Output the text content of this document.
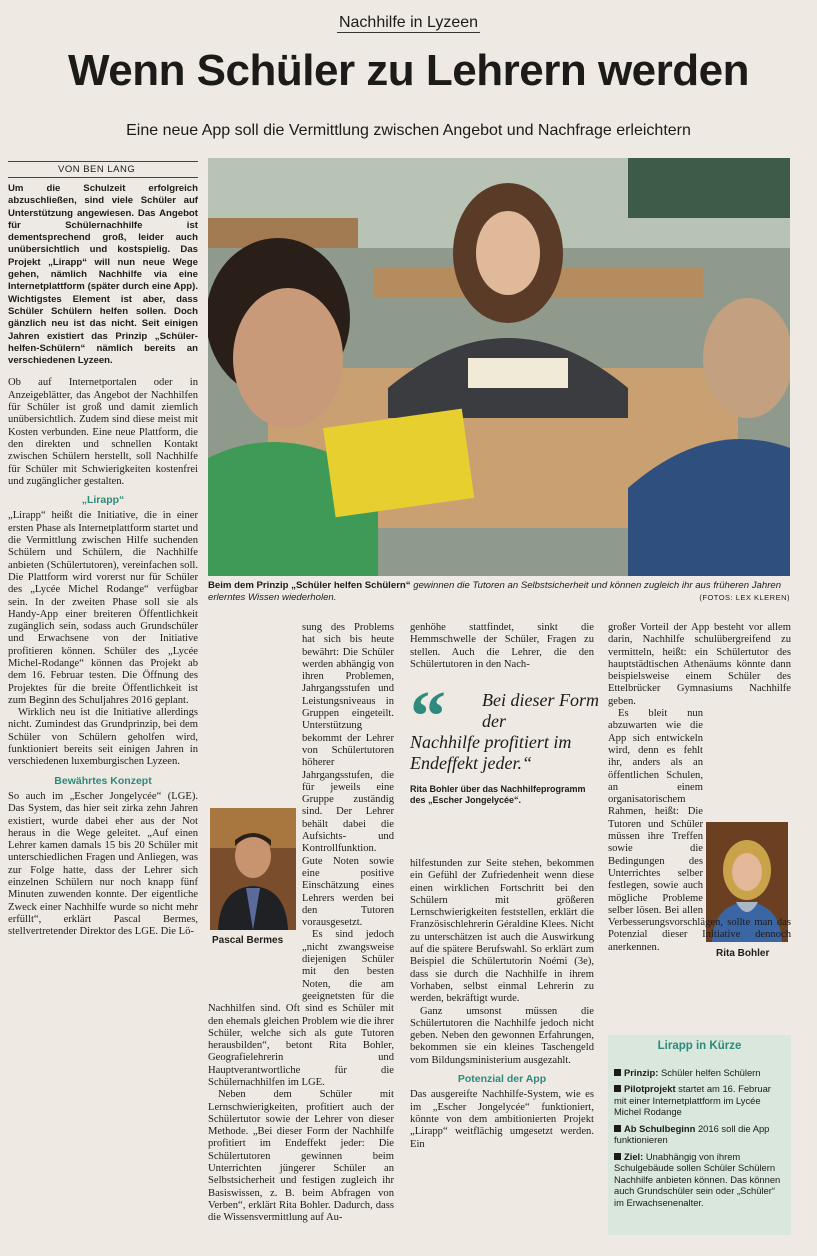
Nachhilfe in Lyzeen
Wenn Schüler zu Lehrern werden
Eine neue App soll die Vermittlung zwischen Angebot und Nachfrage erleichtern
VON BEN LANG

Um die Schulzeit erfolgreich abzuschließen, sind viele Schüler auf Unterstützung angewiesen. Das Angebot für Schülernachhilfe ist dementsprechend groß, leider auch unübersichtlich und kostspielig. Das Projekt „Lirapp“ will nun neue Wege gehen, nämlich Nachhilfe via eine Internetplattform (später durch eine App). Wichtigstes Element ist aber, dass Schüler Schülern helfen sollen. Doch gänzlich neu ist das nicht. Seit einigen Jahren existiert das Prinzip „Schüler-helfen-Schülern“ nämlich bereits an verschiedenen Lyzeen.

Ob auf Internetportalen oder in Anzeigeblätter, das Angebot der Nachhilfen für Schüler ist groß und damit ziemlich unübersichtlich. Zudem sind diese meist mit Kosten verbunden. Eine neue Plattform, die den direkten und schnellen Kontakt zwischen Schülern herstellt, soll Nachhilfe für Schüler mit Schwierigkeiten kostenfrei und zugänglicher gestalten.

„Lirapp“

„Lirapp“ heißt die Initiative, die in einer ersten Phase als Internetplattform startet und die Vermittlung zwischen Hilfe suchenden Schülern und Schülern, die Nachhilfe anbieten (Schülertutoren), vereinfachen soll. Die Plattform wird vorerst nur für Schüler des „Lycée Michel Rodange“ verfügbar sein. In der zweiten Phase soll sie als Handy-App einer breiteren Öffentlichkeit zugänglich sein, sodass auch Grundschüler und Erwachsene von der Initiative profitieren können. Schüler des „Lycée Michel-Rodange“ können das Projekt ab dem 16. Februar testen. Die Öffnung des Projektes für die breite Öffentlichkeit ist zum Beginn des Schuljahres 2016 geplant.

Wirklich neu ist die Initiative allerdings nicht. Zumindest das Grundprinzip, bei dem Schüler von Schülern geholfen wird, funktioniert bereits seit einigen Jahren in verschiedenen luxemburgischen Lyzeen.

Bewährtes Konzept

So auch im „Escher Jongelycée“ (LGE). Das System, das hier seit zirka zehn Jahren existiert, wurde dabei eher aus der Not heraus in die Wege geleitet. „Auf einen Lehrer kamen damals 15 bis 20 Schüler mit unterschiedlichen Fragen und Anliegen, was zur Folge hatte, dass der Lehrer sich einzelnen Schülern nur noch knapp fünf Minuten zuwenden konnte. Der eigentliche Zweck einer Nachhilfe wurde so nicht mehr erfüllt“, erklärt Pascal Bermes, stellvertretender Direktor des LGE. Die Lö-

Beim dem Prinzip „Schüler helfen Schülern“ gewinnen die Tutoren an Selbstsicherheit und können zugleich ihr aus früheren Jahren erlerntes Wissen wiederholen.	(FOTOS: LEX KLEREN)
Pascal Bermes
Rita Bohler

sung des Problems hat sich bis heute bewährt: Die Schüler werden abhängig von ihren Problemen, Jahrgangsstufen und Leistungsniveaus in Gruppen eingeteilt. Unterstützung bekommt der Lehrer von Schülertutoren höherer Jahrgangsstufen, die für jeweils eine Gruppe zuständig sind. Der Lehrer behält dabei die Aufsichts- und Kontrollfunktion. Gute Noten sowie eine positive Einschätzung eines Lehrers werden bei den Tutoren vorausgesetzt.

Es sind jedoch „nicht zwangsweise diejenigen Schüler mit den besten Noten, die am geeignetsten für die Nachhilfen sind. Oft sind es Schüler mit den ehemals gleichen Problem wie die ihrer Schüler, welche sich als gute Tutoren herausbilden“, betont Rita Bohler, Geografielehrerin und Hauptverantwortliche für die Schülernachhilfen im LGE.

Neben dem Schüler mit Lernschwierigkeiten, profitiert auch der Schülertutor sowie der Lehrer von dieser Methode. „Bei dieser Form der Nachhilfe profitiert im Endeffekt jeder: Die Schülertutoren gewinnen beim Unterrichten jüngerer Schüler an Selbstsicherheit und festigen zugleich ihr Basiswissen, z. B. beim Abfragen von Verben“, erklärt Rita Bohler. Dadurch, dass die Wissensvermittlung auf Au-

genhöhe stattfindet, sinkt die Hemmschwelle der Schüler, Fragen zu stellen. Auch die Lehrer, die den Schülertutoren in den Nach-

“	Bei dieser Form der
Nachhilfe profitiert im Endeffekt jeder.“
Rita Bohler über das Nachhilfeprogramm des „Escher Jongelycée“.

hilfestunden zur Seite stehen, bekommen ein Gefühl der Zufriedenheit wenn diese einen wirklichen Fortschritt bei den Schülern mit größeren Lernschwierigkeiten feststellen, erklärt die Französischlehrerin Géraldine Klees. Nicht zu unterschätzen ist auch die Auswirkung auf die spätere Berufswahl. So erklärt zum Beispiel die Schülertutorin Noémi (3e), dass sie durch die Nachhilfe in ihrem Vorhaben, selbst einmal Lehrerin zu werden, bekräftigt wurde.

Ganz umsonst müssen die Schülertutoren die Nachhilfe jedoch nicht geben. Neben den gewonnen Erfahrungen, bekommen sie ein kleines Taschengeld vom Bildungsministerium ausgezahlt.

Potenzial der App

Das ausgereifte Nachhilfe-System, wie es im „Escher Jongelycée“ funktioniert, könnte von dem ambitionierten Projekt „Lirapp“ weitflächig umgesetzt werden. Ein

großer Vorteil der App besteht vor allem darin, Nachhilfe schulübergreifend zu vermitteln, heißt: ein Schülertutor des hauptstädtischen Athenäums könnte dann beispielsweise einem Schüler des Ettelbrücker Gymnasiums Nachhilfe geben.

Es bleit nun abzuwarten wie die App sich entwickeln wird, denn es fehlt ihr, anders als an öffentlichen Schulen, an einem organisatorischem Rahmen, heißt: Die Tutoren und Schüler müssen ihre Treffen sowie die Bedingungen des Unterrichtes selber festlegen, sowie auch mögliche Probleme selber lösen. Bei allen Verbesserungsvorschlägen, sollte man das Potenzial dieser Initiative dennoch anerkennen.

Lirapp in Kürze
Prinzip: Schüler helfen Schülern
Pilotprojekt startet am 16. Februar mit einer Internetplattform im Lycée Michel Rodange
Ab Schulbeginn 2016 soll die App funktionieren
Ziel: Unabhängig von ihrem Schulgebäude sollen Schüler Schülern Nachhilfe anbieten können. Das können auch Grundschüler sein oder „Schüler“ im Erwachsenenalter.
